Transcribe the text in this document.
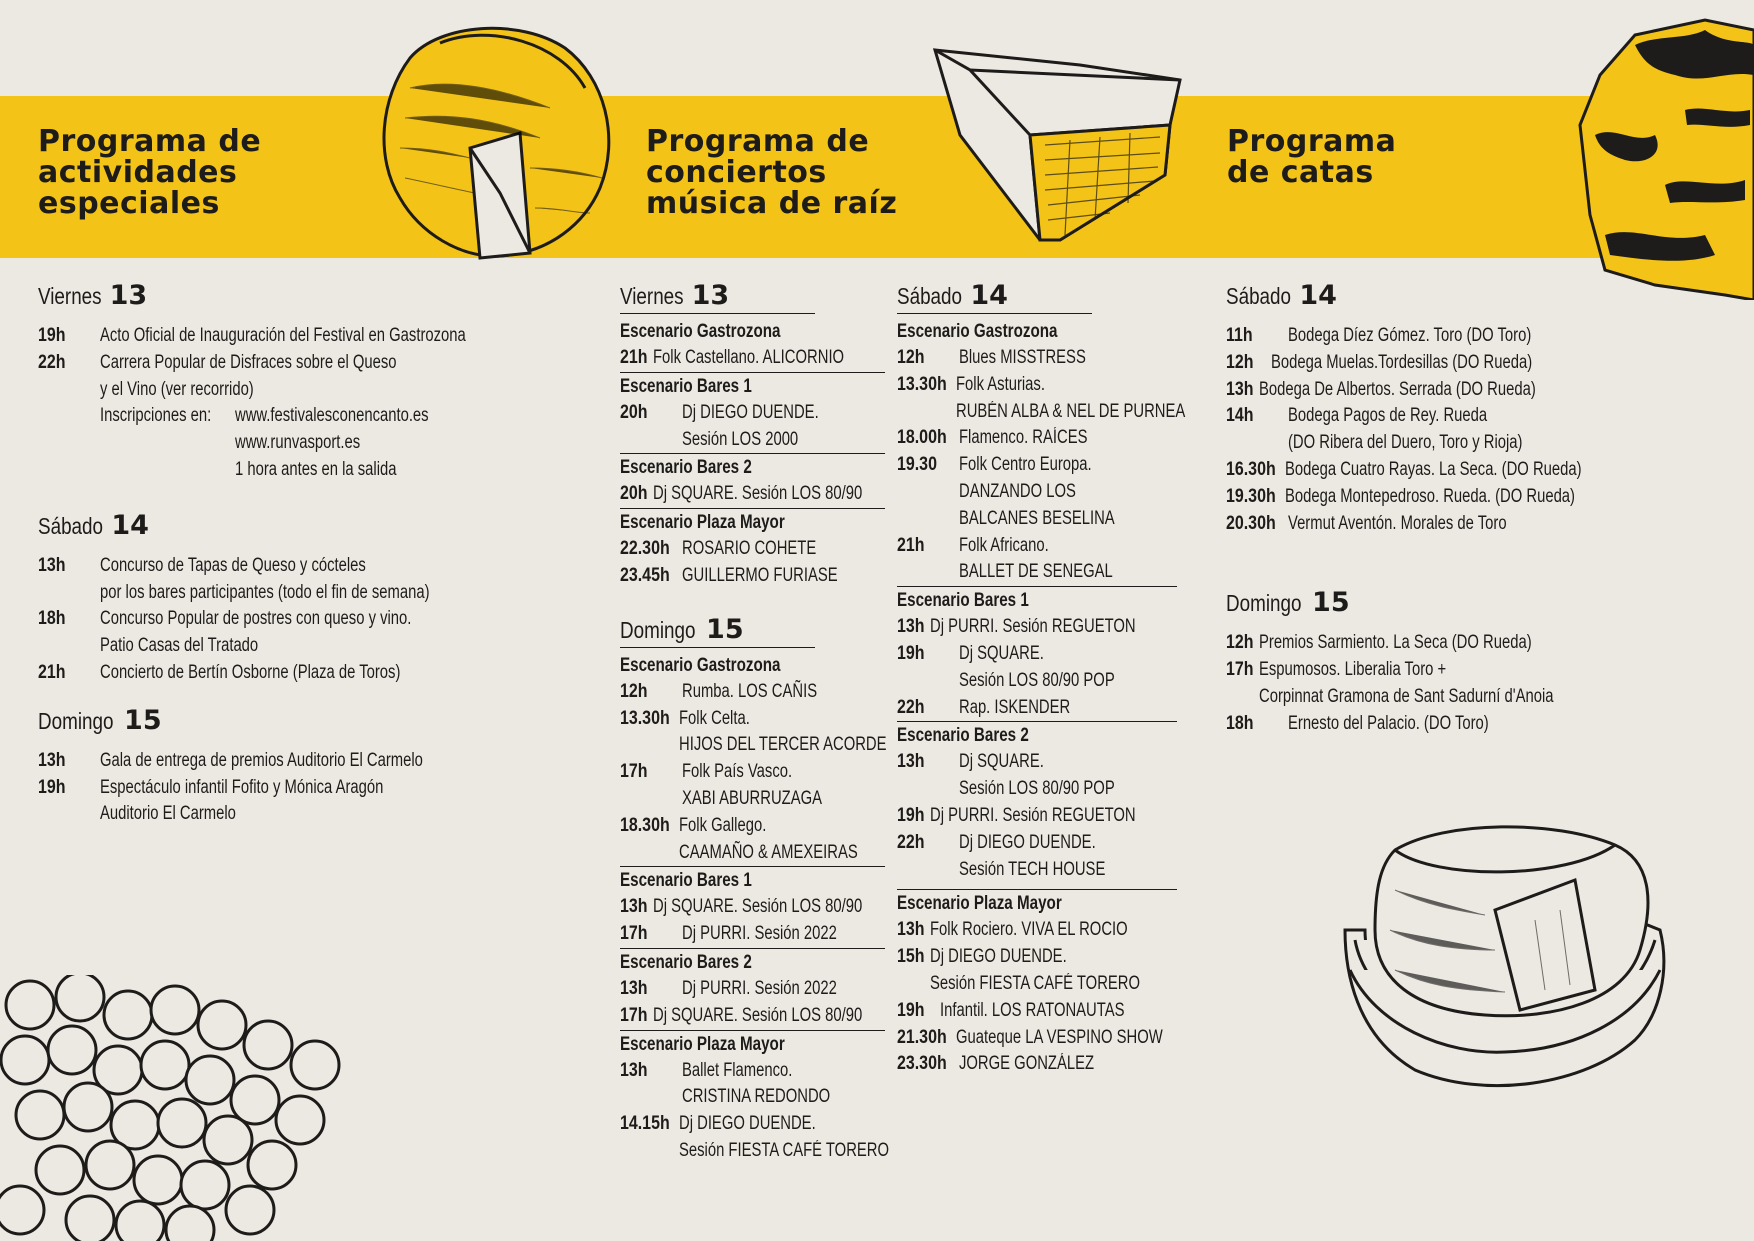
Programa de
actividades
especiales
Programa de
conciertos
música de raíz
Programa
de catas
Viernes 13
19h	Acto Oficial de Inauguración del Festival en Gastrozona
22h	Carrera Popular de Disfraces sobre el Queso
y el Vino (ver recorrido)
Inscripciones en:	www.festivalesconencanto.es
www.runvasport.es
1 hora antes en la salida
Sábado 14
13h	Concurso de Tapas de Queso y cócteles
por los bares participantes (todo el fin de semana)
18h	Concurso Popular de postres con queso y vino.
Patio Casas del Tratado
21h	Concierto de Bertín Osborne (Plaza de Toros)
Domingo 15
13h	Gala de entrega de premios Auditorio El Carmelo
19h	Espectáculo infantil Fofito y Mónica Aragón
Auditorio El Carmelo
Viernes 13
Escenario Gastrozona
21h Folk Castellano. ALICORNIO
Escenario Bares 1
20h	Dj DIEGO DUENDE.
Sesión LOS 2000
Escenario Bares 2
20h Dj SQUARE. Sesión LOS 80/90
Escenario Plaza Mayor
22.30h ROSARIO COHETE
23.45h GUILLERMO FURIASE
Domingo 15
Escenario Gastrozona
12h	Rumba. LOS CAÑIS
13.30h Folk Celta.
HIJOS DEL TERCER ACORDE
17h	Folk País Vasco.
XABI ABURRUZAGA
18.30h Folk Gallego.
CAAMAÑO & AMEXEIRAS
Escenario Bares 1
13h Dj SQUARE. Sesión LOS 80/90
17h	Dj PURRI. Sesión 2022
Escenario Bares 2
13h	Dj PURRI. Sesión 2022
17h Dj SQUARE. Sesión LOS 80/90
Escenario Plaza Mayor
13h	Ballet Flamenco.
CRISTINA REDONDO
14.15h Dj DIEGO DUENDE.
Sesión FIESTA CAFÉ TORERO
Sábado 14
Escenario Gastrozona
12h	Blues MISSTRESS
13.30h Folk Asturias.
RUBÉN ALBA & NEL DE PURNEA
18.00h Flamenco. RAÍCES
19.30	Folk Centro Europa.
DANZANDO LOS
BALCANES BESELINA
21h	Folk Africano.
BALLET DE SENEGAL
Escenario Bares 1
13h Dj PURRI. Sesión REGUETON
19h	Dj SQUARE.
Sesión LOS 80/90 POP
22h	Rap. ISKENDER
Escenario Bares 2
13h	Dj SQUARE.
Sesión LOS 80/90 POP
19h Dj PURRI. Sesión REGUETON
22h	Dj DIEGO DUENDE.
Sesión TECH HOUSE
Escenario Plaza Mayor
13h Folk Rociero. VIVA EL ROCIO
15h Dj DIEGO DUENDE.
Sesión FIESTA CAFÉ TORERO
19h Infantil. LOS RATONAUTAS
21.30h Guateque LA VESPINO SHOW
23.30h JORGE GONZÁLEZ
Sábado 14
11h	Bodega Díez Gómez. Toro (DO Toro)
12h Bodega Muelas.Tordesillas (DO Rueda)
13h Bodega De Albertos. Serrada (DO Rueda)
14h	Bodega Pagos de Rey. Rueda
(DO Ribera del Duero, Toro y Rioja)
16.30h Bodega Cuatro Rayas. La Seca. (DO Rueda)
19.30h Bodega Montepedroso. Rueda. (DO Rueda)
20.30h Vermut Aventón. Morales de Toro
Domingo 15
12h Premios Sarmiento. La Seca (DO Rueda)
17h Espumosos. Liberalia Toro +
Corpinnat Gramona de Sant Sadurní d'Anoia
18h	Ernesto del Palacio. (DO Toro)
